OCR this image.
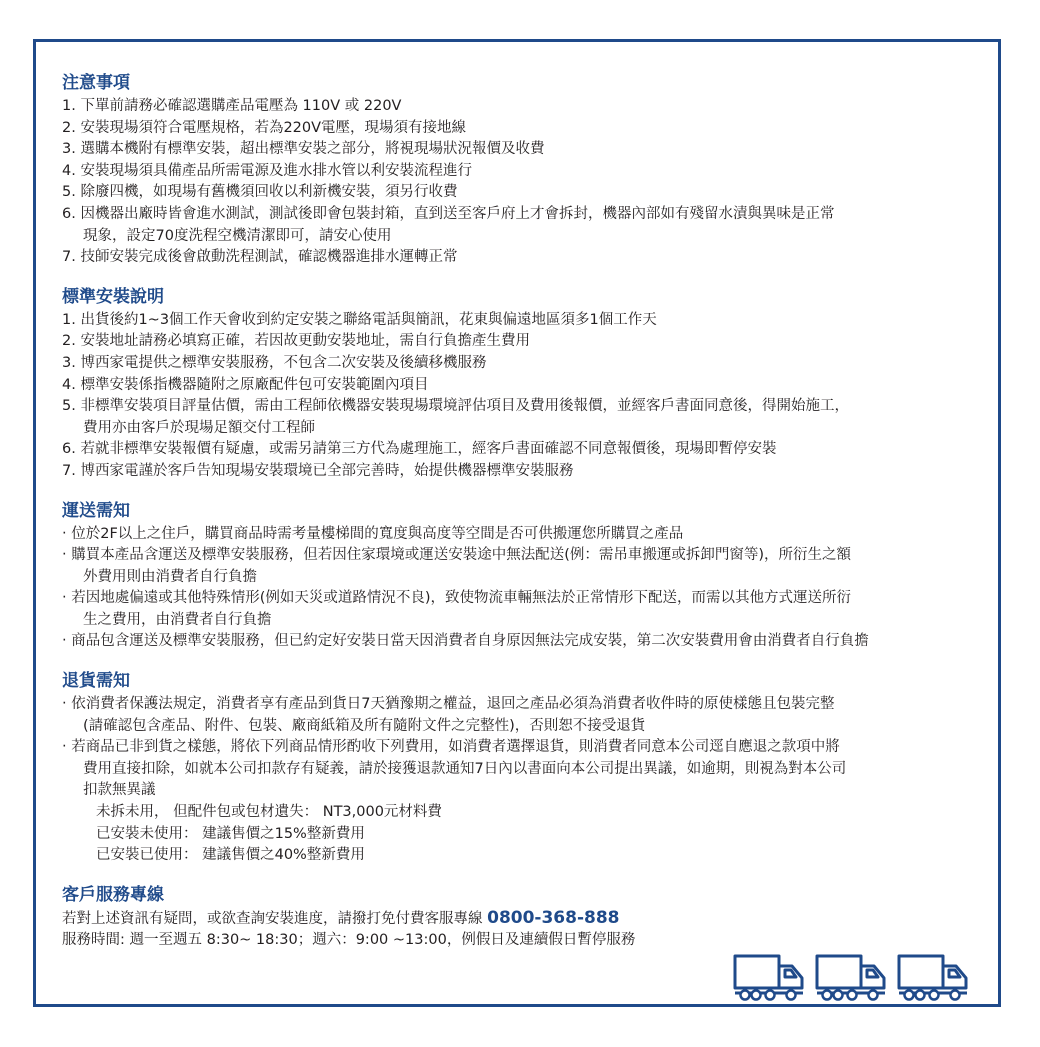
注意事項
1. 下單前請務必確認選購產品電壓為 110V 或 220V
2. 安裝現場須符合電壓規格，若為220V電壓，現場須有接地線
3. 選購本機附有標準安裝，超出標準安裝之部分，將視現場狀況報價及收費
4. 安裝現場須具備產品所需電源及進水排水管以利安裝流程進行
5. 除廢四機，如現場有舊機須回收以利新機安裝，須另行收費
6. 因機器出廠時皆會進水測試，測試後即會包裝封箱，直到送至客戶府上才會拆封，機器內部如有殘留水漬與異味是正常
現象，設定70度洗程空機清潔即可，請安心使用
7. 技師安裝完成後會啟動洗程測試，確認機器進排水運轉正常
標準安裝說明
1. 出貨後約1~3個工作天會收到約定安裝之聯絡電話與簡訊，花東與偏遠地區須多1個工作天
2. 安裝地址請務必填寫正確，若因故更動安裝地址，需自行負擔產生費用
3. 博西家電提供之標準安裝服務，不包含二次安裝及後續移機服務
4. 標準安裝係指機器隨附之原廠配件包可安裝範圍內項目
5. 非標準安裝項目評量估價，需由工程師依機器安裝現場環境評估項目及費用後報價，並經客戶書面同意後，得開始施工，
費用亦由客戶於現場足額交付工程師
6. 若就非標準安裝報價有疑慮，或需另請第三方代為處理施工，經客戶書面確認不同意報價後，現場即暫停安裝
7. 博西家電謹於客戶告知現場安裝環境已全部完善時，始提供機器標準安裝服務
運送需知
‧ 位於2F以上之住戶，購買商品時需考量樓梯間的寬度與高度等空間是否可供搬運您所購買之產品
‧ 購買本產品含運送及標準安裝服務，但若因住家環境或運送安裝途中無法配送(例：需吊車搬運或拆卸門窗等)，所衍生之額
外費用則由消費者自行負擔
‧ 若因地處偏遠或其他特殊情形(例如天災或道路情況不良)，致使物流車輛無法於正常情形下配送，而需以其他方式運送所衍
生之費用，由消費者自行負擔
‧ 商品包含運送及標準安裝服務，但已約定好安裝日當天因消費者自身原因無法完成安裝，第二次安裝費用會由消費者自行負擔
退貨需知
‧ 依消費者保護法規定，消費者享有產品到貨日7天猶豫期之權益，退回之產品必須為消費者收件時的原使樣態且包裝完整
(請確認包含產品、附件、包裝、廠商紙箱及所有隨附文件之完整性)，否則恕不接受退貨
‧ 若商品已非到貨之樣態，將依下列商品情形酌收下列費用，如消費者選擇退貨，則消費者同意本公司逕自應退之款項中將
費用直接扣除，如就本公司扣款存有疑義，請於接獲退款通知7日內以書面向本公司提出異議，如逾期，則視為對本公司
扣款無異議
未拆未用， 但配件包或包材遺失： NT3,000元材料費
已安裝未使用： 建議售價之15%整新費用
已安裝已使用： 建議售價之40%整新費用
客戶服務專線
若對上述資訊有疑問，或欲查詢安裝進度，請撥打免付費客服專線 0800-368-888
服務時間: 週一至週五 8:30~ 18:30；週六：9:00 ~13:00，例假日及連續假日暫停服務
